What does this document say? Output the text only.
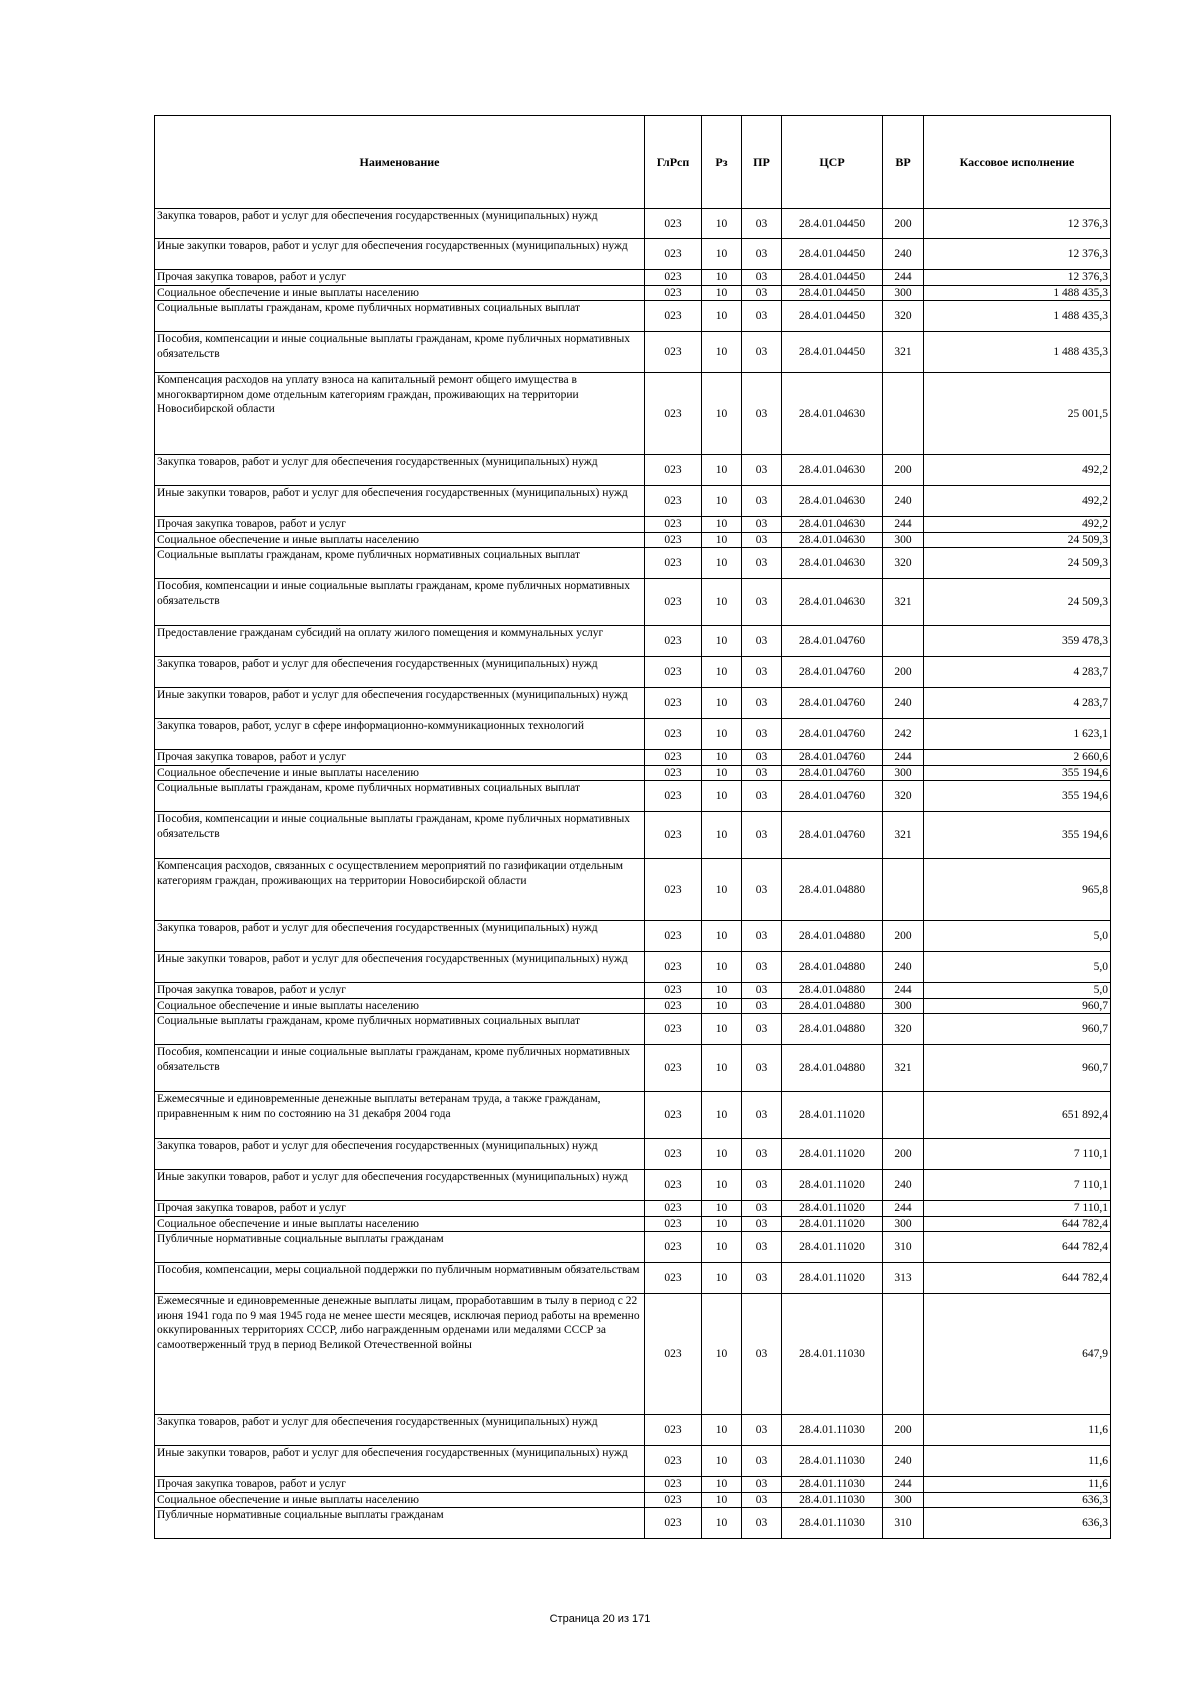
Наименование	ГлРсп	Рз	ПР	ЦСР	ВР	Кассовое исполнение
Закупка товаров, работ и услуг для обеспечения государственных (муниципальных) нужд	023	10	03	28.4.01.04450	200	12 376,3
Иные закупки товаров, работ и услуг для обеспечения государственных (муниципальных) нужд	023	10	03	28.4.01.04450	240	12 376,3
Прочая закупка товаров, работ и услуг	023	10	03	28.4.01.04450	244	12 376,3
Социальное обеспечение и иные выплаты населению	023	10	03	28.4.01.04450	300	1 488 435,3
Социальные выплаты гражданам, кроме публичных нормативных социальных выплат	023	10	03	28.4.01.04450	320	1 488 435,3
Пособия, компенсации и иные социальные выплаты гражданам, кроме публичных нормативных обязательств	023	10	03	28.4.01.04450	321	1 488 435,3
Компенсация расходов на уплату взноса на капитальный ремонт общего имущества в многоквартирном доме отдельным категориям граждан, проживающих на территории Новосибирской области	023	10	03	28.4.01.04630		25 001,5
Закупка товаров, работ и услуг для обеспечения государственных (муниципальных) нужд	023	10	03	28.4.01.04630	200	492,2
Иные закупки товаров, работ и услуг для обеспечения государственных (муниципальных) нужд	023	10	03	28.4.01.04630	240	492,2
Прочая закупка товаров, работ и услуг	023	10	03	28.4.01.04630	244	492,2
Социальное обеспечение и иные выплаты населению	023	10	03	28.4.01.04630	300	24 509,3
Социальные выплаты гражданам, кроме публичных нормативных социальных выплат	023	10	03	28.4.01.04630	320	24 509,3
Пособия, компенсации и иные социальные выплаты гражданам, кроме публичных нормативных обязательств	023	10	03	28.4.01.04630	321	24 509,3
Предоставление гражданам субсидий на оплату жилого помещения и коммунальных услуг	023	10	03	28.4.01.04760		359 478,3
Закупка товаров, работ и услуг для обеспечения государственных (муниципальных) нужд	023	10	03	28.4.01.04760	200	4 283,7
Иные закупки товаров, работ и услуг для обеспечения государственных (муниципальных) нужд	023	10	03	28.4.01.04760	240	4 283,7
Закупка товаров, работ, услуг в сфере информационно-коммуникационных технологий	023	10	03	28.4.01.04760	242	1 623,1
Прочая закупка товаров, работ и услуг	023	10	03	28.4.01.04760	244	2 660,6
Социальное обеспечение и иные выплаты населению	023	10	03	28.4.01.04760	300	355 194,6
Социальные выплаты гражданам, кроме публичных нормативных социальных выплат	023	10	03	28.4.01.04760	320	355 194,6
Пособия, компенсации и иные социальные выплаты гражданам, кроме публичных нормативных обязательств	023	10	03	28.4.01.04760	321	355 194,6
Компенсация расходов, связанных с осуществлением мероприятий по газификации отдельным категориям граждан, проживающих на территории Новосибирской области	023	10	03	28.4.01.04880		965,8
Закупка товаров, работ и услуг для обеспечения государственных (муниципальных) нужд	023	10	03	28.4.01.04880	200	5,0
Иные закупки товаров, работ и услуг для обеспечения государственных (муниципальных) нужд	023	10	03	28.4.01.04880	240	5,0
Прочая закупка товаров, работ и услуг	023	10	03	28.4.01.04880	244	5,0
Социальное обеспечение и иные выплаты населению	023	10	03	28.4.01.04880	300	960,7
Социальные выплаты гражданам, кроме публичных нормативных социальных выплат	023	10	03	28.4.01.04880	320	960,7
Пособия, компенсации и иные социальные выплаты гражданам, кроме публичных нормативных обязательств	023	10	03	28.4.01.04880	321	960,7
Ежемесячные и единовременные денежные выплаты ветеранам труда, а также гражданам, приравненным к ним по состоянию на 31 декабря 2004 года	023	10	03	28.4.01.11020		651 892,4
Закупка товаров, работ и услуг для обеспечения государственных (муниципальных) нужд	023	10	03	28.4.01.11020	200	7 110,1
Иные закупки товаров, работ и услуг для обеспечения государственных (муниципальных) нужд	023	10	03	28.4.01.11020	240	7 110,1
Прочая закупка товаров, работ и услуг	023	10	03	28.4.01.11020	244	7 110,1
Социальное обеспечение и иные выплаты населению	023	10	03	28.4.01.11020	300	644 782,4
Публичные нормативные социальные выплаты гражданам	023	10	03	28.4.01.11020	310	644 782,4
Пособия, компенсации, меры социальной поддержки по публичным нормативным обязательствам	023	10	03	28.4.01.11020	313	644 782,4
Ежемесячные и единовременные денежные выплаты лицам, проработавшим в тылу в период с 22 июня 1941 года по 9 мая 1945 года не менее шести месяцев, исключая период работы на временно оккупированных территориях СССР, либо награжденным орденами или медалями СССР за самоотверженный труд в период Великой Отечественной войны	023	10	03	28.4.01.11030		647,9
Закупка товаров, работ и услуг для обеспечения государственных (муниципальных) нужд	023	10	03	28.4.01.11030	200	11,6
Иные закупки товаров, работ и услуг для обеспечения государственных (муниципальных) нужд	023	10	03	28.4.01.11030	240	11,6
Прочая закупка товаров, работ и услуг	023	10	03	28.4.01.11030	244	11,6
Социальное обеспечение и иные выплаты населению	023	10	03	28.4.01.11030	300	636,3
Публичные нормативные социальные выплаты гражданам	023	10	03	28.4.01.11030	310	636,3
Страница 20 из 171
